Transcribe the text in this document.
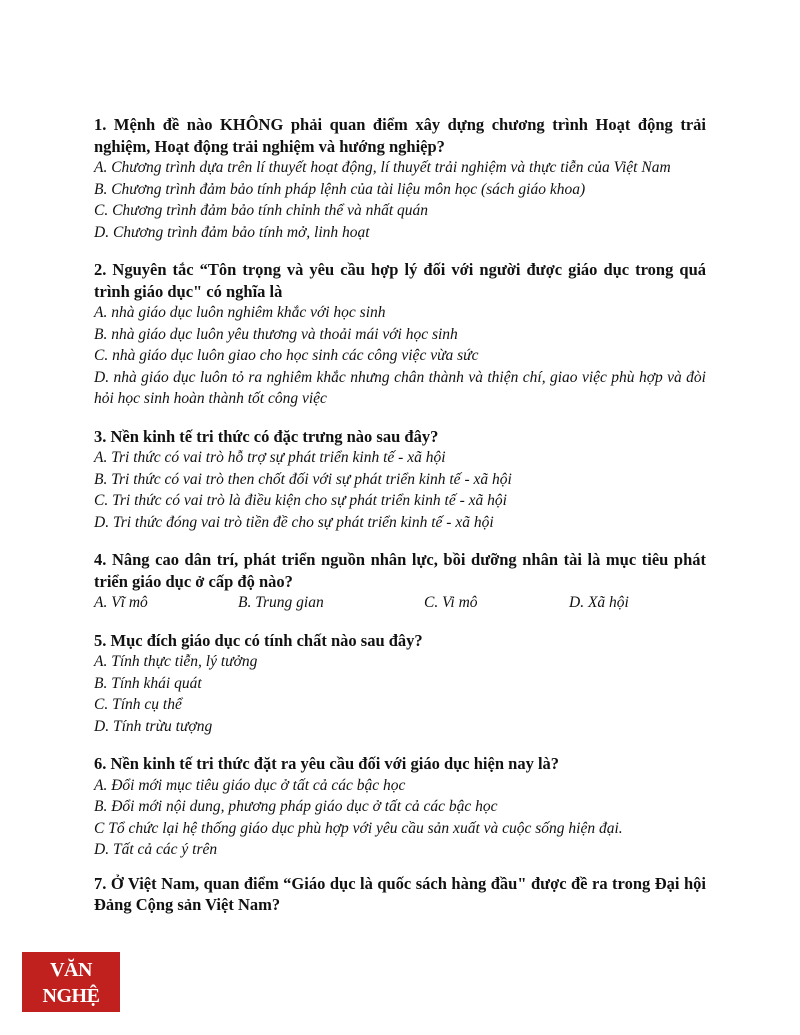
1. Mệnh đề nào KHÔNG phải quan điểm xây dựng chương trình Hoạt động trải nghiệm, Hoạt động trải nghiệm và hướng nghiệp?

A. Chương trình dựa trên lí thuyết hoạt động, lí thuyết trải nghiệm và thực tiễn của Việt Nam

B. Chương trình đảm bảo tính pháp lệnh của tài liệu môn học (sách giáo khoa)

C. Chương trình đảm bảo tính chỉnh thể và nhất quán

D. Chương trình đảm bảo tính mở, linh hoạt

2. Nguyên tắc “Tôn trọng và yêu cầu hợp lý đối với người được giáo dục trong quá trình giáo dục" có nghĩa là

A. nhà giáo dục luôn nghiêm khắc với học sinh

B. nhà giáo dục luôn yêu thương và thoải mái với học sinh

C. nhà giáo dục luôn giao cho học sinh các công việc vừa sức

D. nhà giáo dục luôn tỏ ra nghiêm khắc nhưng chân thành và thiện chí, giao việc phù hợp và đòi hỏi học sinh hoàn thành tốt công việc

3. Nền kinh tế tri thức có đặc trưng nào sau đây?

A. Tri thức có vai trò hỗ trợ sự phát triển kinh tế - xã hội

B. Tri thức có vai trò then chốt đối với sự phát triển kinh tế - xã hội

C. Tri thức có vai trò là điều kiện cho sự phát triển kinh tế - xã hội

D. Tri thức đóng vai trò tiền đề cho sự phát triển kinh tế - xã hội

4. Nâng cao dân trí, phát triển nguồn nhân lực, bồi dưỡng nhân tài là mục tiêu phát triển giáo dục ở cấp độ nào?

A. Vĩ mô	B. Trung gian	C. Vi mô	D. Xã hội

5. Mục đích giáo dục có tính chất nào sau đây?

A. Tính thực tiễn, lý tưởng

B. Tính khái quát

C. Tính cụ thể

D. Tính trừu tượng

6. Nền kinh tế tri thức đặt ra yêu cầu đối với giáo dục hiện nay là?

A. Đổi mới mục tiêu giáo dục ở tất cả các bậc học

B. Đổi mới nội dung, phương pháp giáo dục ở tất cả các bậc học

C Tổ chức lại hệ thống giáo dục phù hợp với yêu cầu sản xuất và cuộc sống hiện đại.

D. Tất cả các ý trên

7. Ở Việt Nam, quan điểm “Giáo dục là quốc sách hàng đầu" được đề ra trong Đại hội Đảng Cộng sản Việt Nam?

VĂN NGHỆ
TiềnGiang
